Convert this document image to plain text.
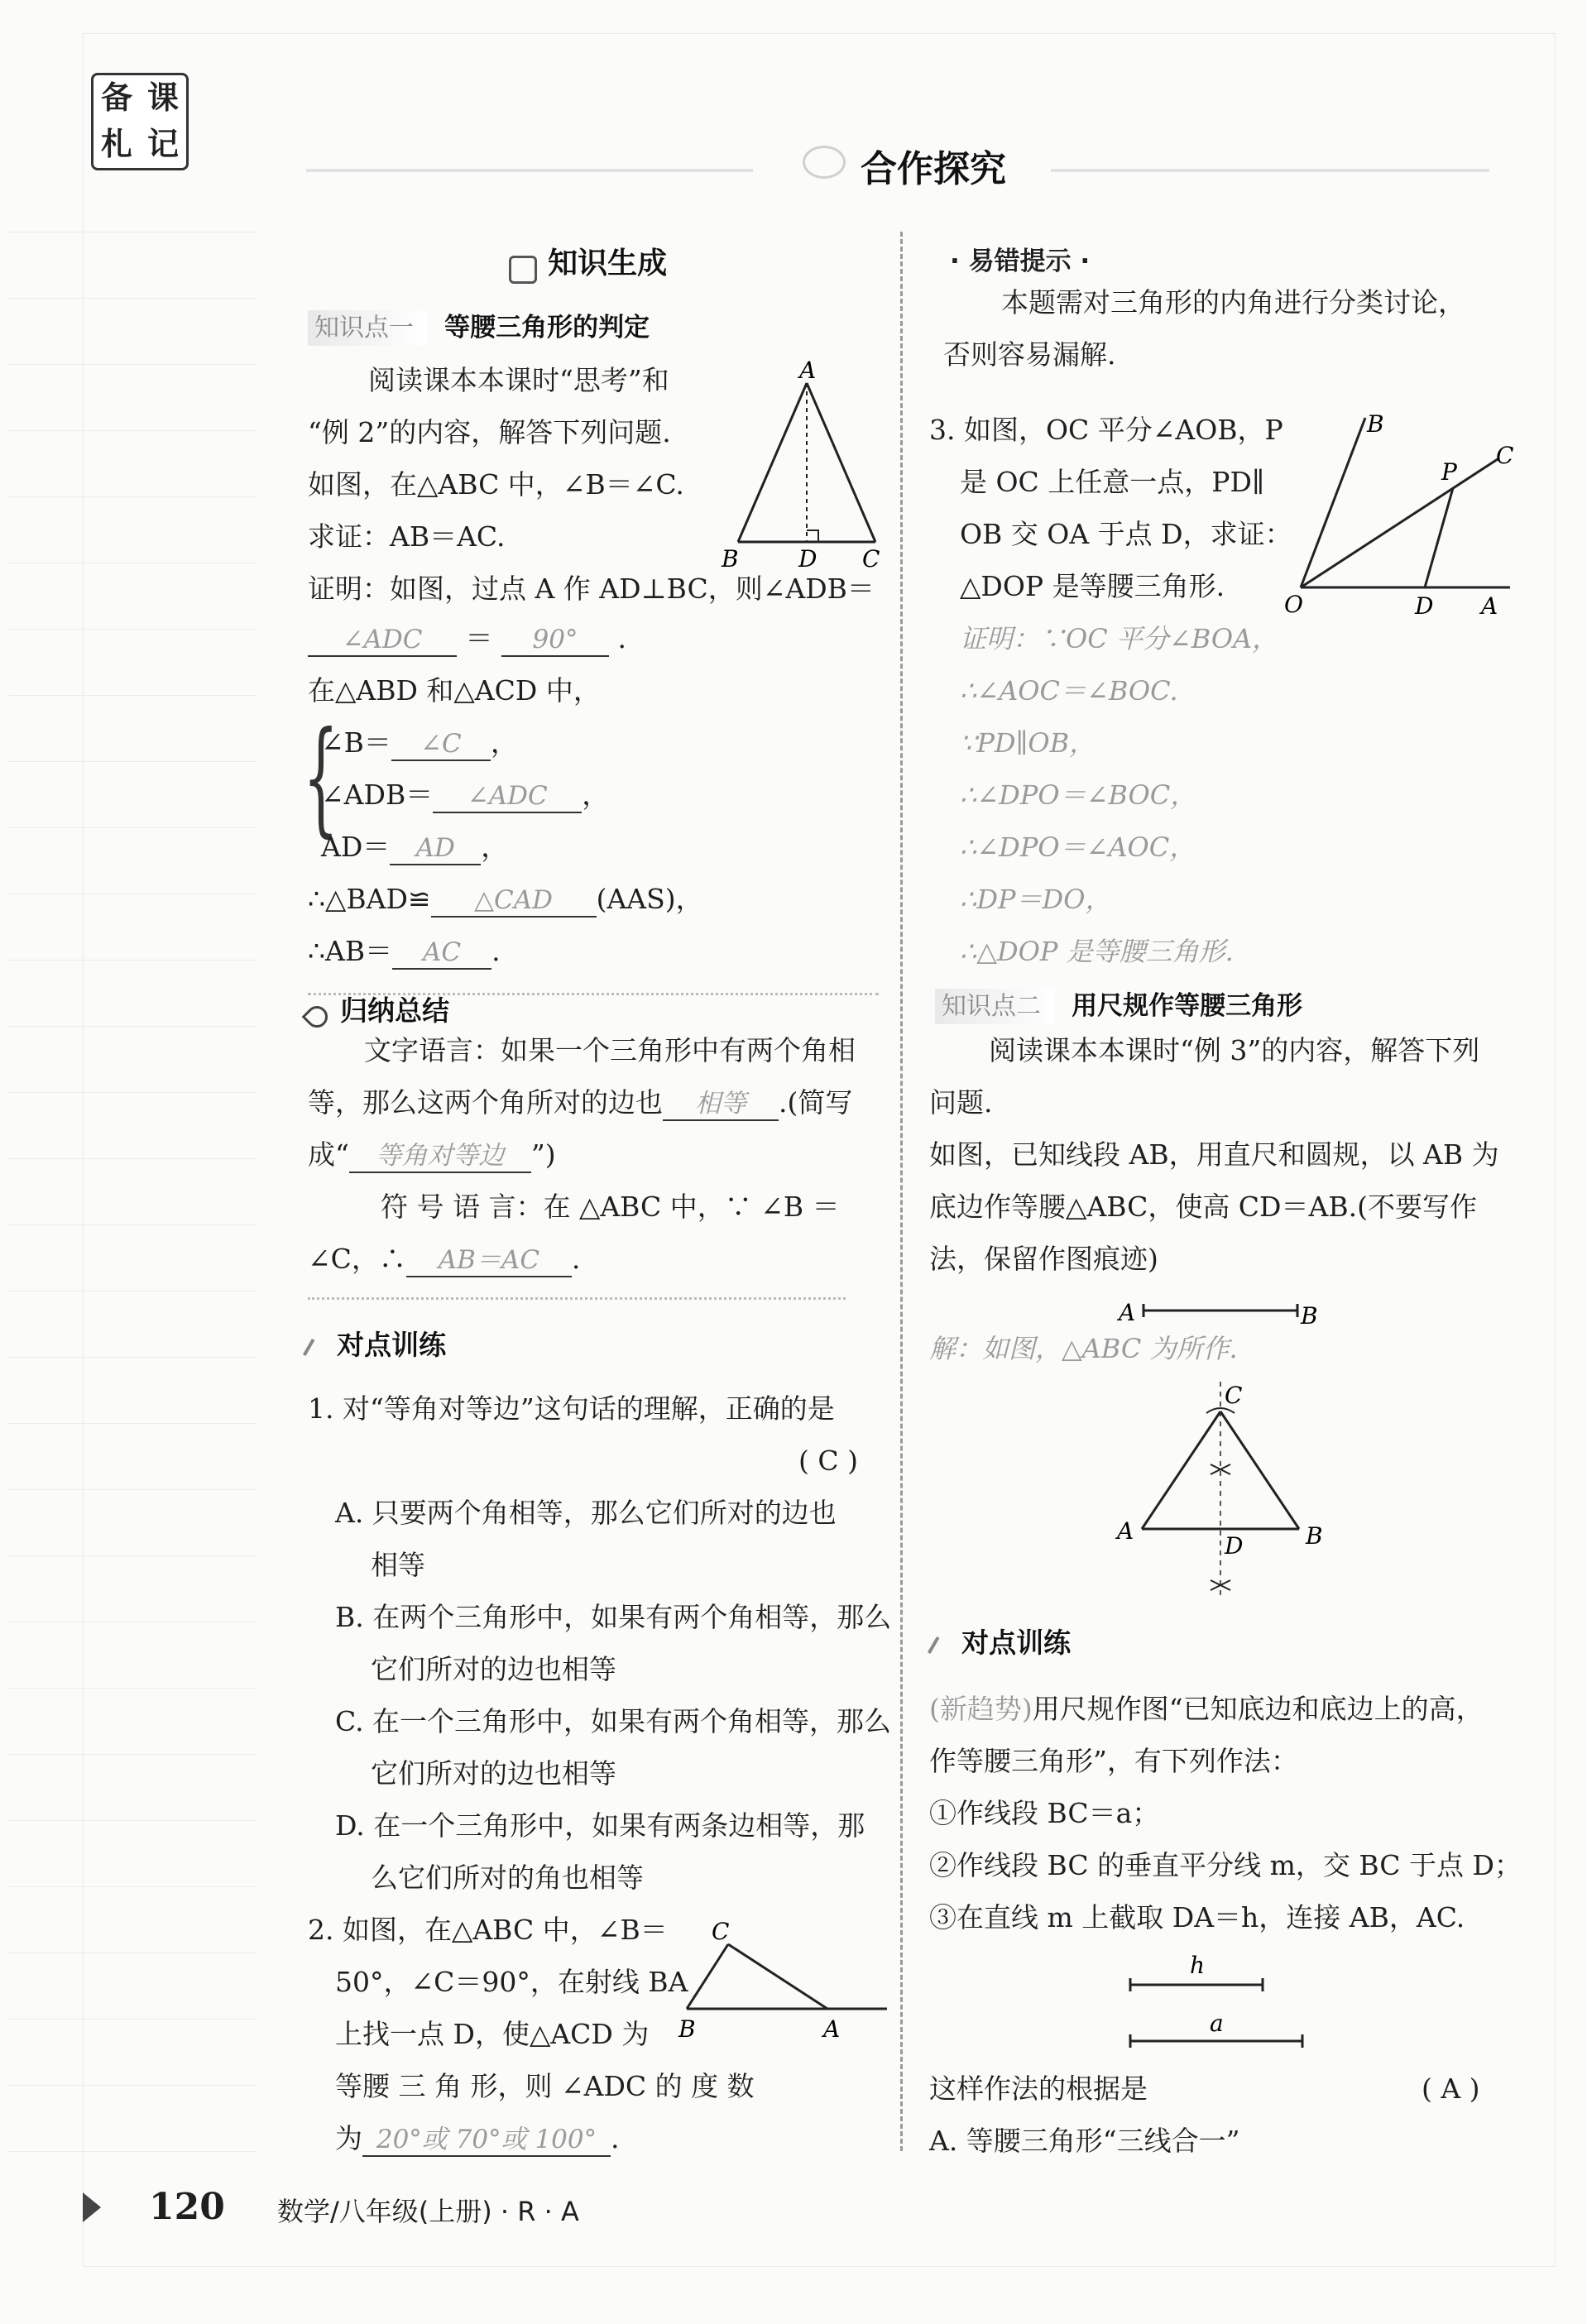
备 课
札 记
合作探究
知识生成
知识点一 等腰三角形的判定
阅读课本本课时“思考”和
“例 2”的内容，解答下列问题.
如图，在△ABC 中，∠B＝∠C.
求证：AB＝AC.
A
B	D C
证明：如图，过点 A 作 AD⊥BC，则∠ADB＝
∠ADC ＝ 90° .
在△ABD 和△ACD 中，
{
∠B＝ ∠C ，
∠ADB＝ ∠ADC ，
AD＝ AD ，
∴△BAD≌ △CAD (AAS)，
∴AB＝ AC .
归纳总结
文字语言：如果一个三角形中有两个角相
等，那么这两个角所对的边也 相等 .(简写
成“ 等角对等边 ”)
符 号 语 言：在 △ABC 中，∵ ∠B ＝
∠C，∴ AB＝AC .
对点训练
1. 对“等角对等边”这句话的理解，正确的是
( C )
A. 只要两个角相等，那么它们所对的边也
相等
B. 在两个三角形中，如果有两个角相等，那么
它们所对的边也相等
C. 在一个三角形中，如果有两个角相等，那么
它们所对的边也相等
D. 在一个三角形中，如果有两条边相等，那
么它们所对的角也相等
2. 如图，在△ABC 中，∠B＝
50°，∠C＝90°，在射线 BA
上找一点 D，使△ACD 为
等腰 三 角 形，则 ∠ADC 的 度 数
为 20°或 70°或 100° .
C
B	A
· 易错提示 ·
本题需对三角形的内角进行分类讨论，
否则容易漏解.
3. 如图，OC 平分∠AOB，P
是 OC 上任意一点，PD∥
OB 交 OA 于点 D，求证：
△DOP 是等腰三角形.
B
P
C
O	D A
证明：∵OC 平分∠BOA，
∴∠AOC＝∠BOC.
∵PD∥OB，
∴∠DPO＝∠BOC，
∴∠DPO＝∠AOC，
∴DP＝DO，
∴△DOP 是等腰三角形.
知识点二 用尺规作等腰三角形
阅读课本本课时“例 3”的内容，解答下列
问题.
如图，已知线段 AB，用直尺和圆规，以 AB 为
底边作等腰△ABC，使高 CD＝AB.(不要写作
法，保留作图痕迹)
A	B
解：如图，△ABC 为所作.
C
A	B
D
对点训练
(新趋势)用尺规作图“已知底边和底边上的高，
作等腰三角形”，有下列作法：
①作线段 BC＝a；
②作线段 BC 的垂直平分线 m，交 BC 于点 D；
③在直线 m 上截取 DA＝h，连接 AB，AC.
h
a
这样作法的根据是	( A )
A. 等腰三角形“三线合一”
120 数学/八年级(上册) · R · A
